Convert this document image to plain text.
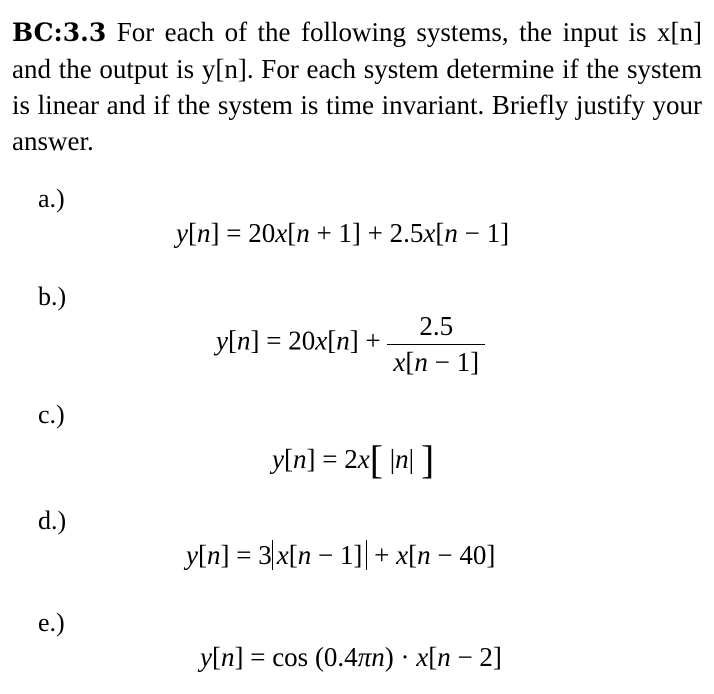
BC:3.3 For each of the following systems, the input is x[n] and the output is y[n]. For each system determine if the system is linear and if the system is time invariant. Briefly justify your answer.

a.)
y[n] = 20x[n + 1] + 2.5x[n − 1]
b.)
$y[n] = 20x[n] + \frac{2.5}{x[n - 1]}$
c.)
y[n] = 2x[ |n| ]
d.)
y[n] = 3 x[n − 1] + x[n − 40]
e.)
y[n] = cos (0.4πn) · x[n − 2]
